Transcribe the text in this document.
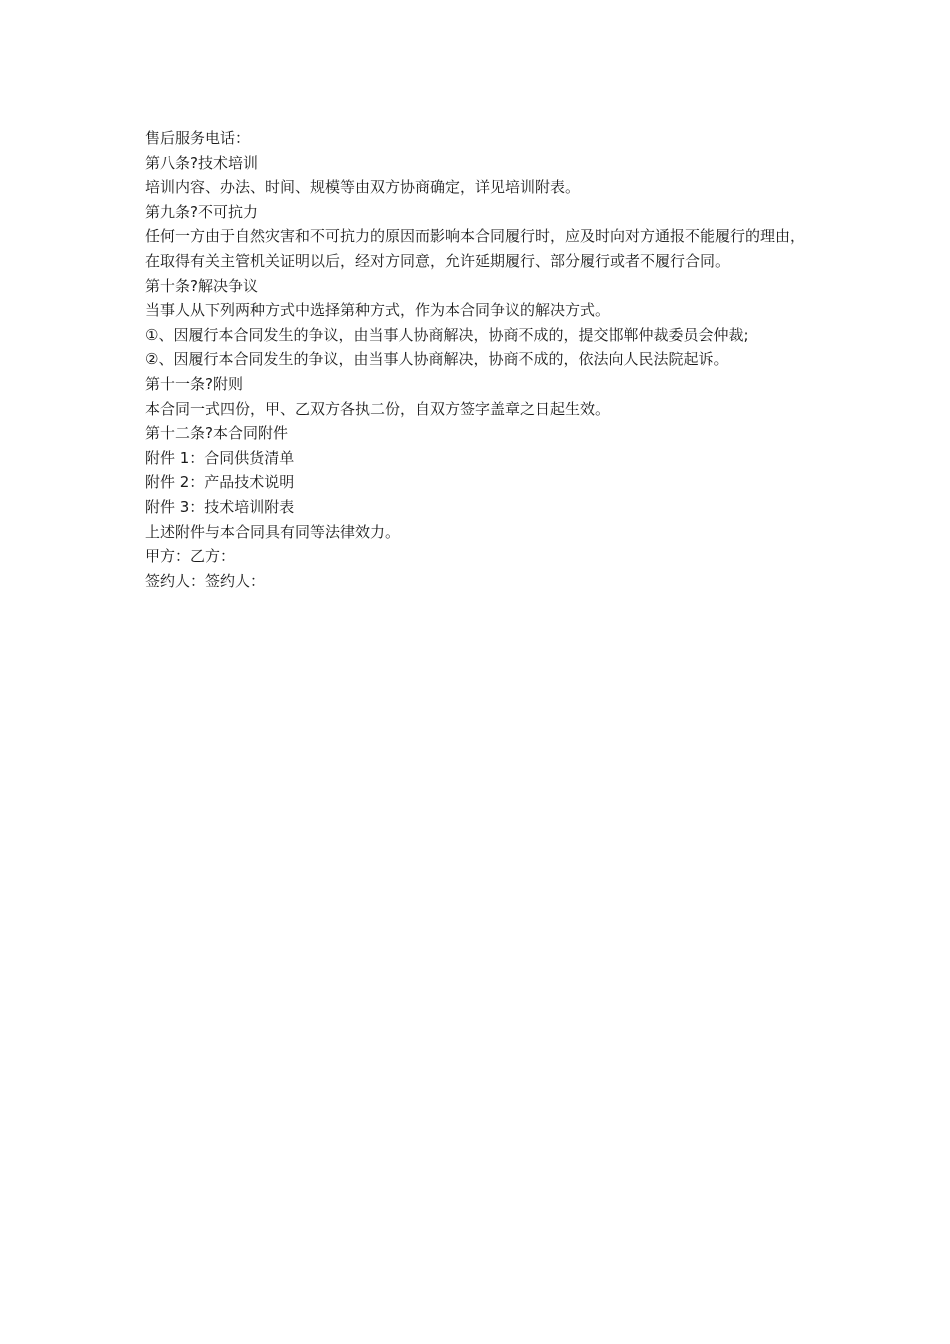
售后服务电话：

第八条?技术培训

培训内容、办法、时间、规模等由双方协商确定，详见培训附表。

第九条?不可抗力

任何一方由于自然灾害和不可抗力的原因而影响本合同履行时，应及时向对方通报不能履行的理由，在取得有关主管机关证明以后，经对方同意，允许延期履行、部分履行或者不履行合同。

第十条?解决争议

当事人从下列两种方式中选择第种方式，作为本合同争议的解决方式。

①、因履行本合同发生的争议，由当事人协商解决，协商不成的，提交邯郸仲裁委员会仲裁;

②、因履行本合同发生的争议，由当事人协商解决，协商不成的，依法向人民法院起诉。

第十一条?附则

本合同一式四份，甲、乙双方各执二份，自双方签字盖章之日起生效。

第十二条?本合同附件

附件 1：合同供货清单

附件 2：产品技术说明

附件 3：技术培训附表

上述附件与本合同具有同等法律效力。

甲方：乙方：

签约人：签约人：
